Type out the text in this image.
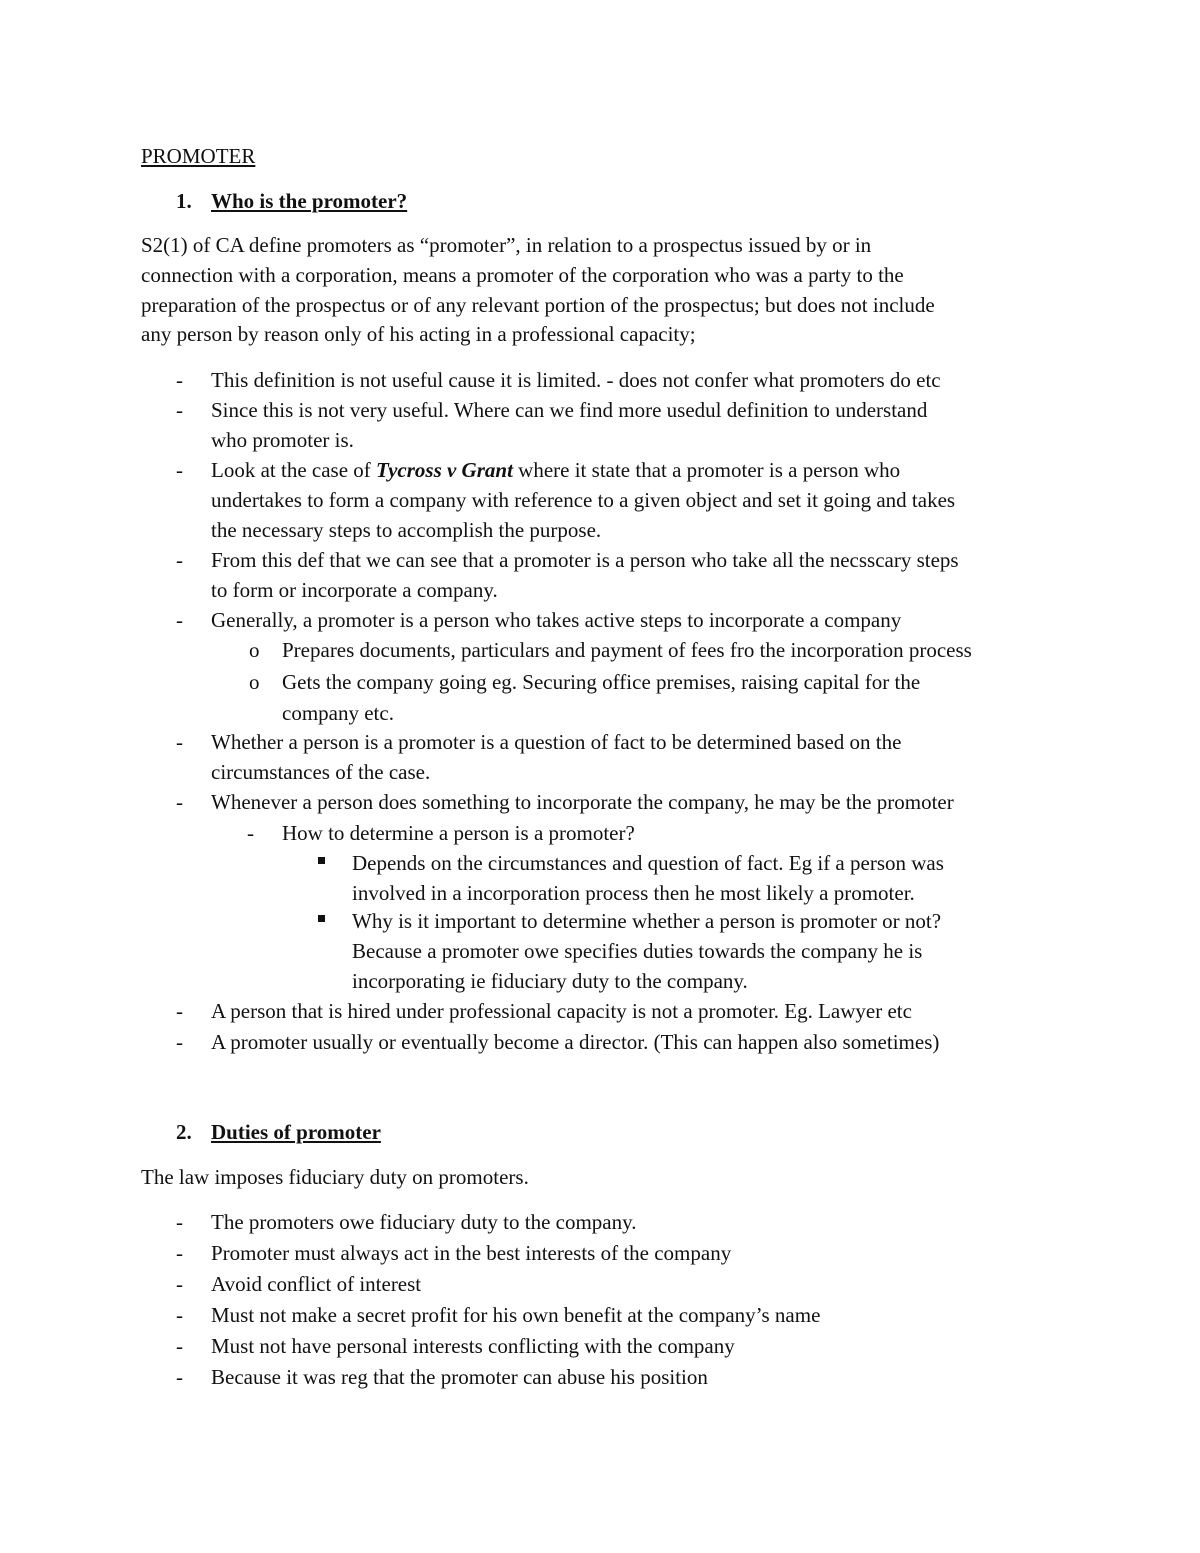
PROMOTER
1. Who is the promoter?
S2(1) of CA define promoters as “promoter”, in relation to a prospectus issued by or in
connection with a corporation, means a promoter of the corporation who was a party to the
preparation of the prospectus or of any relevant portion of the prospectus; but does not include
any person by reason only of his acting in a professional capacity;
- This definition is not useful cause it is limited. - does not confer what promoters do etc
- Since this is not very useful. Where can we find more usedul definition to understand
who promoter is.
- Look at the case of Tycross v Grant where it state that a promoter is a person who
undertakes to form a company with reference to a given object and set it going and takes
the necessary steps to accomplish the purpose.
- From this def that we can see that a promoter is a person who take all the necsscary steps
to form or incorporate a company.
- Generally, a promoter is a person who takes active steps to incorporate a company
o Prepares documents, particulars and payment of fees fro the incorporation process
o Gets the company going eg. Securing office premises, raising capital for the
company etc.
- Whether a person is a promoter is a question of fact to be determined based on the
circumstances of the case.
- Whenever a person does something to incorporate the company, he may be the promoter
- How to determine a person is a promoter?
Depends on the circumstances and question of fact. Eg if a person was
involved in a incorporation process then he most likely a promoter.
Why is it important to determine whether a person is promoter or not?
Because a promoter owe specifies duties towards the company he is
incorporating ie fiduciary duty to the company.
- A person that is hired under professional capacity is not a promoter. Eg. Lawyer etc
- A promoter usually or eventually become a director. (This can happen also sometimes)
2. Duties of promoter
The law imposes fiduciary duty on promoters.
- The promoters owe fiduciary duty to the company.
- Promoter must always act in the best interests of the company
- Avoid conflict of interest
- Must not make a secret profit for his own benefit at the company’s name
- Must not have personal interests conflicting with the company
- Because it was reg that the promoter can abuse his position
